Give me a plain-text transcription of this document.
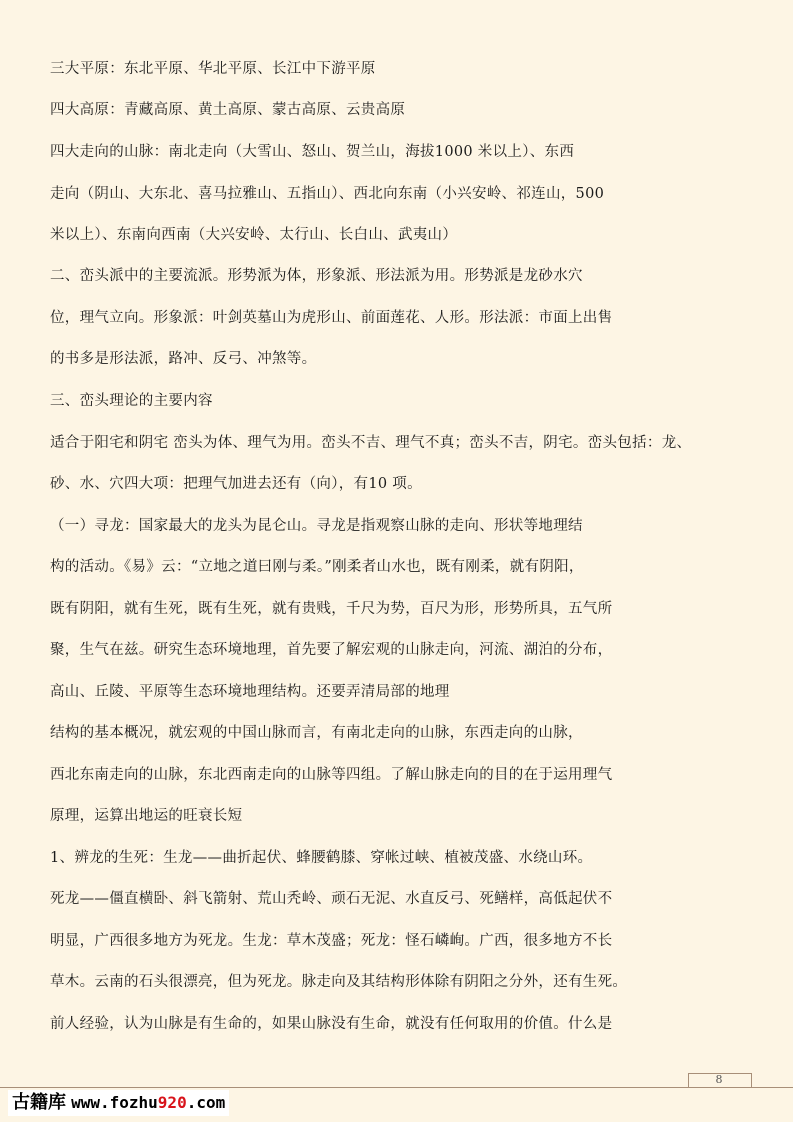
三大平原：东北平原、华北平原、长江中下游平原
四大高原：青藏高原、黄土高原、蒙古高原、云贵高原
四大走向的山脉：南北走向（大雪山、怒山、贺兰山，海拔1000 米以上）、东西
走向（阴山、大东北、喜马拉雅山、五指山）、西北向东南（小兴安岭、祁连山，500
米以上）、东南向西南（大兴安岭、太行山、长白山、武夷山）
二、峦头派中的主要流派。形势派为体，形象派、形法派为用。形势派是龙砂水穴
位，理气立向。形象派：叶剑英墓山为虎形山、前面莲花、人形。形法派：市面上出售
的书多是形法派，路冲、反弓、冲煞等。
三、峦头理论的主要内容
适合于阳宅和阴宅 峦头为体、理气为用。峦头不吉、理气不真；峦头不吉，阴宅。峦头包括：龙、
砂、水、穴四大项：把理气加进去还有（向），有10 项。
（一）寻龙：国家最大的龙头为昆仑山。寻龙是指观察山脉的走向、形状等地理结
构的活动。《易》云：“立地之道曰刚与柔。”刚柔者山水也，既有刚柔，就有阴阳，
既有阴阳，就有生死，既有生死，就有贵贱，千尺为势，百尺为形，形势所具，五气所
聚，生气在兹。研究生态环境地理，首先要了解宏观的山脉走向，河流、湖泊的分布，
高山、丘陵、平原等生态环境地理结构。还要弄清局部的地理
结构的基本概况，就宏观的中国山脉而言，有南北走向的山脉，东西走向的山脉，
西北东南走向的山脉，东北西南走向的山脉等四组。了解山脉走向的目的在于运用理气
原理，运算出地运的旺衰长短
1、辨龙的生死：生龙——曲折起伏、蜂腰鹤膝、穿帐过峡、植被茂盛、水绕山环。
死龙——僵直横卧、斜飞箭射、荒山秃岭、顽石无泥、水直反弓、死鳝样，高低起伏不
明显，广西很多地方为死龙。生龙：草木茂盛；死龙：怪石嶙峋。广西，很多地方不长
草木。云南的石头很漂亮，但为死龙。脉走向及其结构形体除有阴阳之分外，还有生死。
前人经验，认为山脉是有生命的，如果山脉没有生命，就没有任何取用的价值。什么是
8
古籍库 www.fozhu920.com
